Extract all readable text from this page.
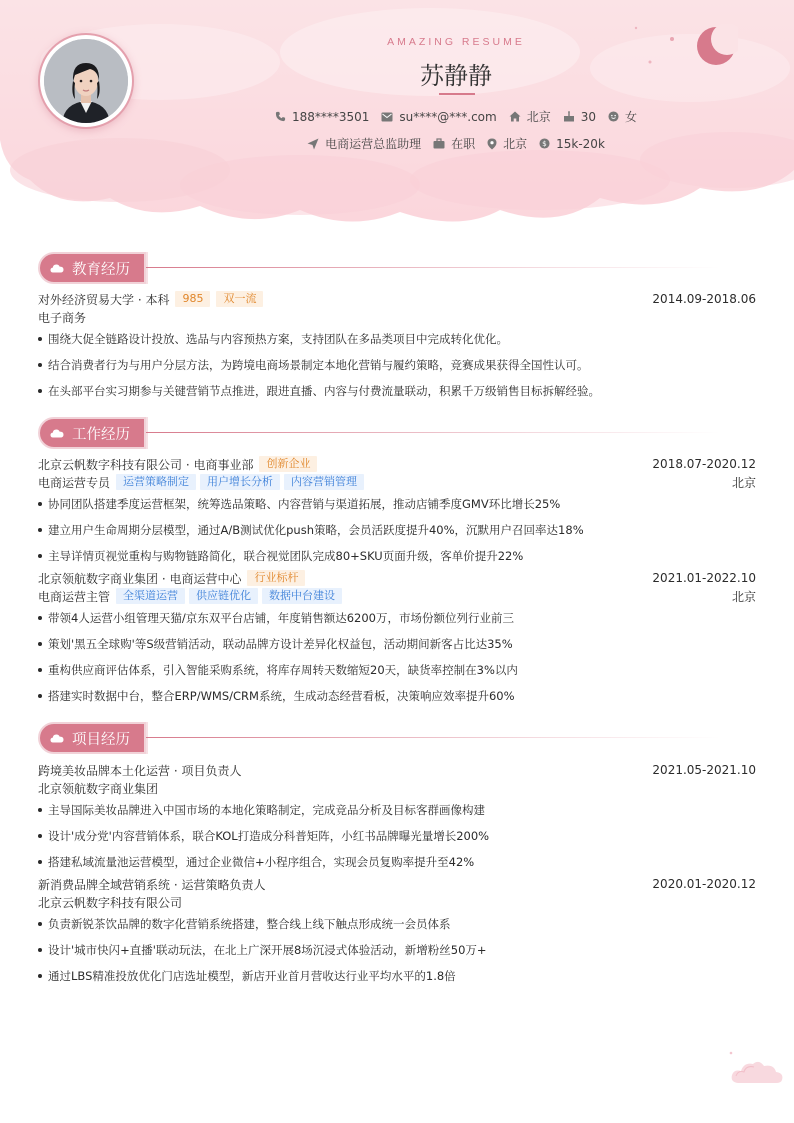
AMAZING RESUME
苏静静
188****3501	su****@***.com	北京	30 女
电商运营总监助理	在职 北京 $ 15k-20k
教育经历
对外经济贸易大学 · 本科	985	双一流	2014.09-2018.06
电子商务
围绕大促全链路设计投放、选品与内容预热方案，支持团队在多品类项目中完成转化优化。
结合消费者行为与用户分层方法，为跨境电商场景制定本地化营销与履约策略，竞赛成果获得全国性认可。
在头部平台实习期参与关键营销节点推进，跟进直播、内容与付费流量联动，积累千万级销售目标拆解经验。
工作经历
北京云帆数字科技有限公司 · 电商事业部	创新企业	2018.07-2020.12
电商运营专员	运营策略制定	用户增长分析	内容营销管理	北京
协同团队搭建季度运营框架，统筹选品策略、内容营销与渠道拓展，推动店铺季度GMV环比增长25%
建立用户生命周期分层模型，通过A/B测试优化push策略，会员活跃度提升40%，沉默用户召回率达18%
主导详情页视觉重构与购物链路简化，联合视觉团队完成80+SKU页面升级，客单价提升22%
北京领航数字商业集团 · 电商运营中心	行业标杆	2021.01-2022.10
电商运营主管	全渠道运营	供应链优化	数据中台建设	北京
带领4人运营小组管理天猫/京东双平台店铺，年度销售额达6200万，市场份额位列行业前三
策划'黑五全球购'等S级营销活动，联动品牌方设计差异化权益包，活动期间新客占比达35%
重构供应商评估体系，引入智能采购系统，将库存周转天数缩短20天，缺货率控制在3%以内
搭建实时数据中台，整合ERP/WMS/CRM系统，生成动态经营看板，决策响应效率提升60%
项目经历
跨境美妆品牌本土化运营 · 项目负责人	2021.05-2021.10
北京领航数字商业集团
主导国际美妆品牌进入中国市场的本地化策略制定，完成竞品分析及目标客群画像构建
设计'成分党'内容营销体系，联合KOL打造成分科普矩阵，小红书品牌曝光量增长200%
搭建私域流量池运营模型，通过企业微信+小程序组合，实现会员复购率提升至42%
新消费品牌全域营销系统 · 运营策略负责人	2020.01-2020.12
北京云帆数字科技有限公司
负责新锐茶饮品牌的数字化营销系统搭建，整合线上线下触点形成统一会员体系
设计'城市快闪+直播'联动玩法，在北上广深开展8场沉浸式体验活动，新增粉丝50万+
通过LBS精准投放优化门店选址模型，新店开业首月营收达行业平均水平的1.8倍
